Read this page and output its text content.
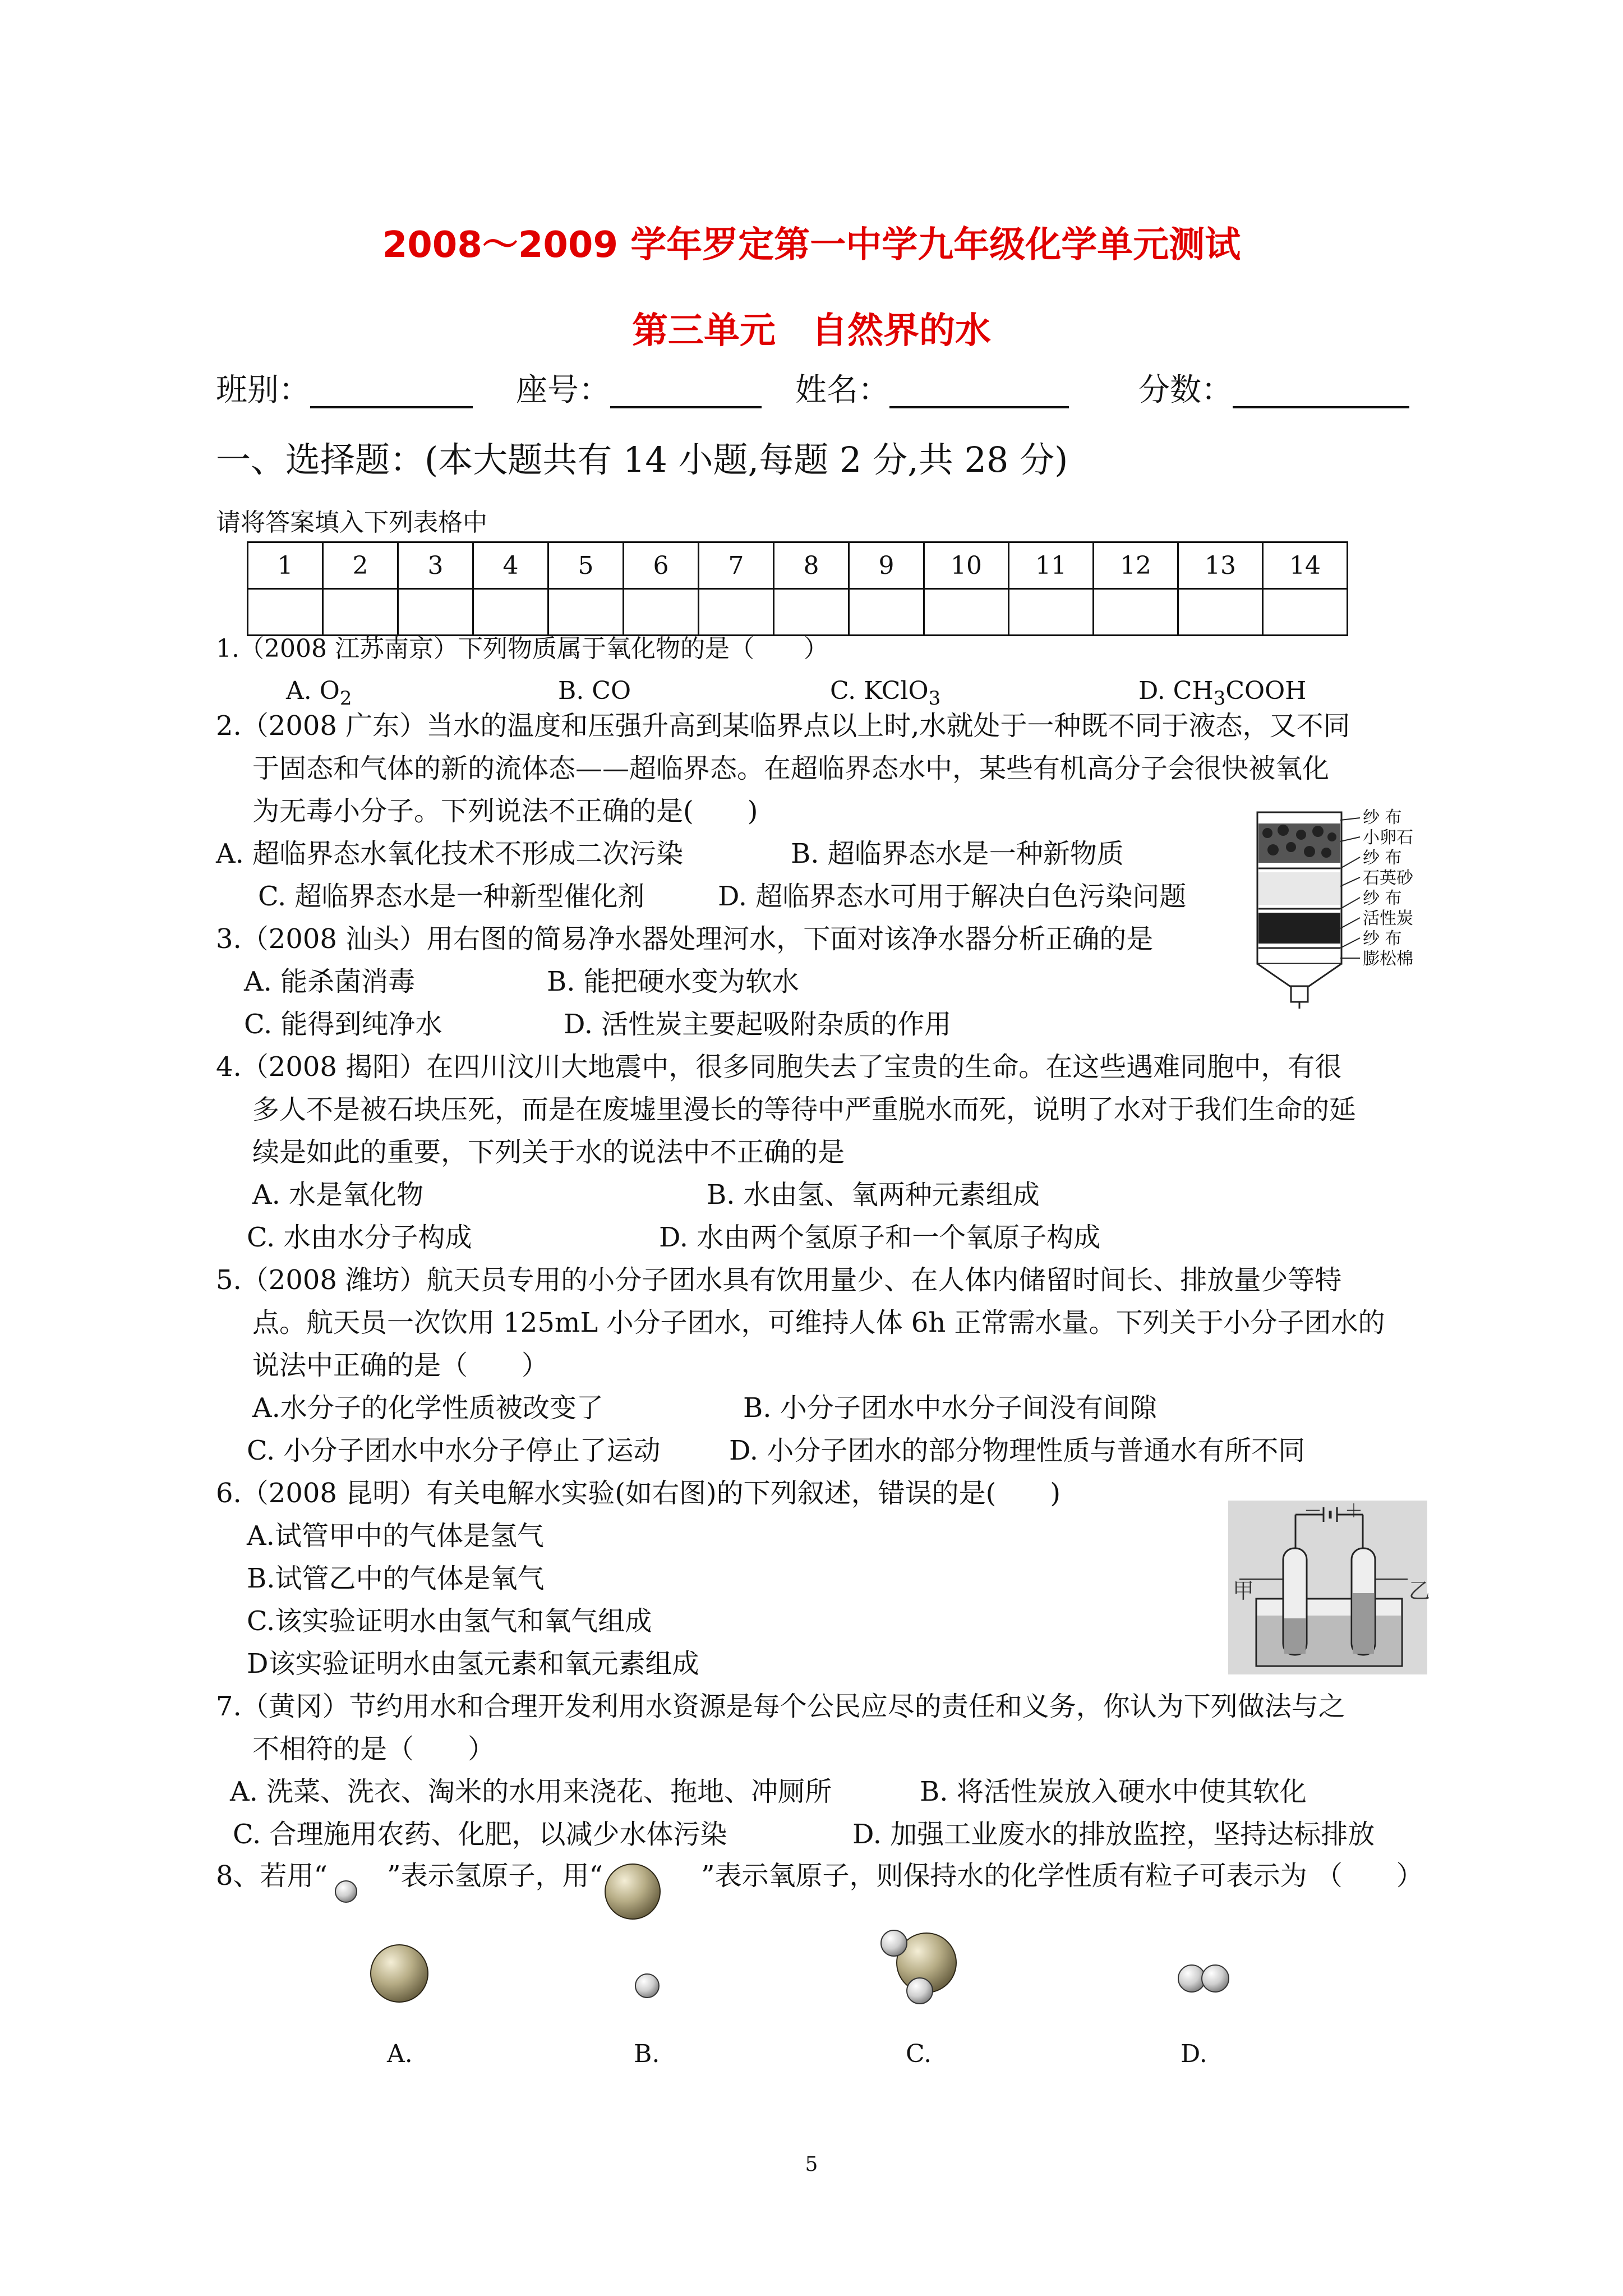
2008～2009 学年罗定第一中学九年级化学单元测试
第三单元　自然界的水
班别：	座号：	姓名：	分数：
一、选择题：(本大题共有 14 小题,每题 2 分,共 28 分)
请将答案填入下列表格中
1	2	3	4	5	6	7	8	9	10	11	12	13	14

1.（2008 江苏南京）下列物质属于氧化物的是（　　）
A. $O_2$	B. CO	C. KClO$_3$	D. $CH_3COOH$
2.（2008 广东）当水的温度和压强升高到某临界点以上时,水就处于一种既不同于液态，又不同
于固态和气体的新的流体态——超临界态。在超临界态水中，某些有机高分子会很快被氧化
为无毒小分子。下列说法不正确的是(　　)
A. 超临界态水氧化技术不形成二次污染	B. 超临界态水是一种新物质
C. 超临界态水是一种新型催化剂	D. 超临界态水可用于解决白色污染问题
纱 布
小卵石
纱 布
石英砂
纱 布
活性炭
纱 布
膨松棉
3.（2008 汕头）用右图的简易净水器处理河水，下面对该净水器分析正确的是
A. 能杀菌消毒	B. 能把硬水变为软水
C. 能得到纯净水	D. 活性炭主要起吸附杂质的作用
4.（2008 揭阳）在四川汶川大地震中，很多同胞失去了宝贵的生命。在这些遇难同胞中，有很
多人不是被石块压死，而是在废墟里漫长的等待中严重脱水而死，说明了水对于我们生命的延
续是如此的重要，下列关于水的说法中不正确的是
A. 水是氧化物	B. 水由氢、氧两种元素组成
C. 水由水分子构成	D. 水由两个氢原子和一个氧原子构成
5.（2008 潍坊）航天员专用的小分子团水具有饮用量少、在人体内储留时间长、排放量少等特
点。航天员一次饮用 125mL 小分子团水，可维持人体 6h 正常需水量。下列关于小分子团水的
说法中正确的是（　　）
A.水分子的化学性质被改变了	B. 小分子团水中水分子间没有间隙
C. 小分子团水中水分子停止了运动	D. 小分子团水的部分物理性质与普通水有所不同
6.（2008 昆明）有关电解水实验(如右图)的下列叙述，错误的是(　　)
A.试管甲中的气体是氢气
B.试管乙中的气体是氧气
C.该实验证明水由氢气和氧气组成
D该实验证明水由氢元素和氧元素组成
甲	乙
－ ＋
7.（黄冈）节约用水和合理开发利用水资源是每个公民应尽的责任和义务，你认为下列做法与之
不相符的是（　　）
A. 洗菜、洗衣、淘米的水用来浇花、拖地、冲厕所	B. 将活性炭放入硬水中使其软化
C. 合理施用农药、化肥，以减少水体污染	D. 加强工业废水的排放监控，坚持达标排放
8、若用“ ”表示氢原子，用“	”表示氧原子，则保持水的化学性质有粒子可表示为 （　　）
A.	B.	C.	D.
5
